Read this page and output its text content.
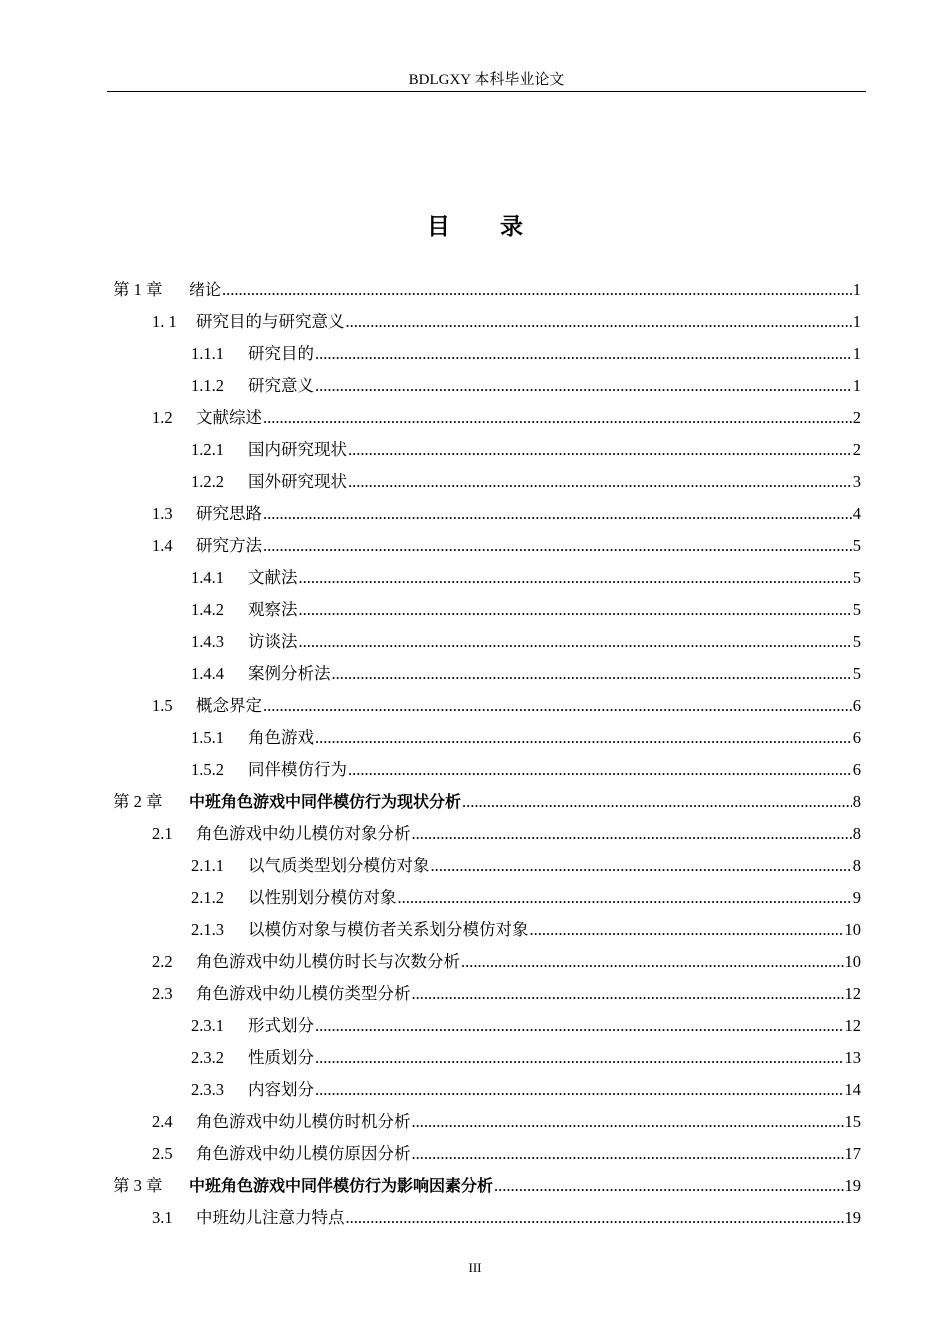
BDLGXY 本科毕业论文
目 录
第 1 章	绪论 .....	1
1. 1	研究目的与研究意义 .....	1
1.1.1	研究目的 .....	1
1.1.2	研究意义 .....	1
1.2	文献综述 .....	2
1.2.1	国内研究现状 .....	2
1.2.2	国外研究现状 .....	3
1.3	研究思路 .....	4
1.4	研究方法 .....	5
1.4.1	文献法 .....	5
1.4.2	观察法 .....	5
1.4.3	访谈法 .....	5
1.4.4	案例分析法 .....	5
1.5	概念界定 .....	6
1.5.1	角色游戏 .....	6
1.5.2	同伴模仿行为 .....	6
第 2 章	中班角色游戏中同伴模仿行为现状分析 .....	8
2.1	角色游戏中幼儿模仿对象分析 .....	8
2.1.1	以气质类型划分模仿对象 .....	8
2.1.2	以性别划分模仿对象 .....	9
2.1.3	以模仿对象与模仿者关系划分模仿对象 .....	10
2.2	角色游戏中幼儿模仿时长与次数分析 .....	10
2.3	角色游戏中幼儿模仿类型分析 .....	12
2.3.1	形式划分 .....	12
2.3.2	性质划分 .....	13
2.3.3	内容划分 .....	14
2.4	角色游戏中幼儿模仿时机分析 .....	15
2.5	角色游戏中幼儿模仿原因分析 .....	17
第 3 章	中班角色游戏中同伴模仿行为影响因素分析 .....	19
3.1	中班幼儿注意力特点 .....	19
III
